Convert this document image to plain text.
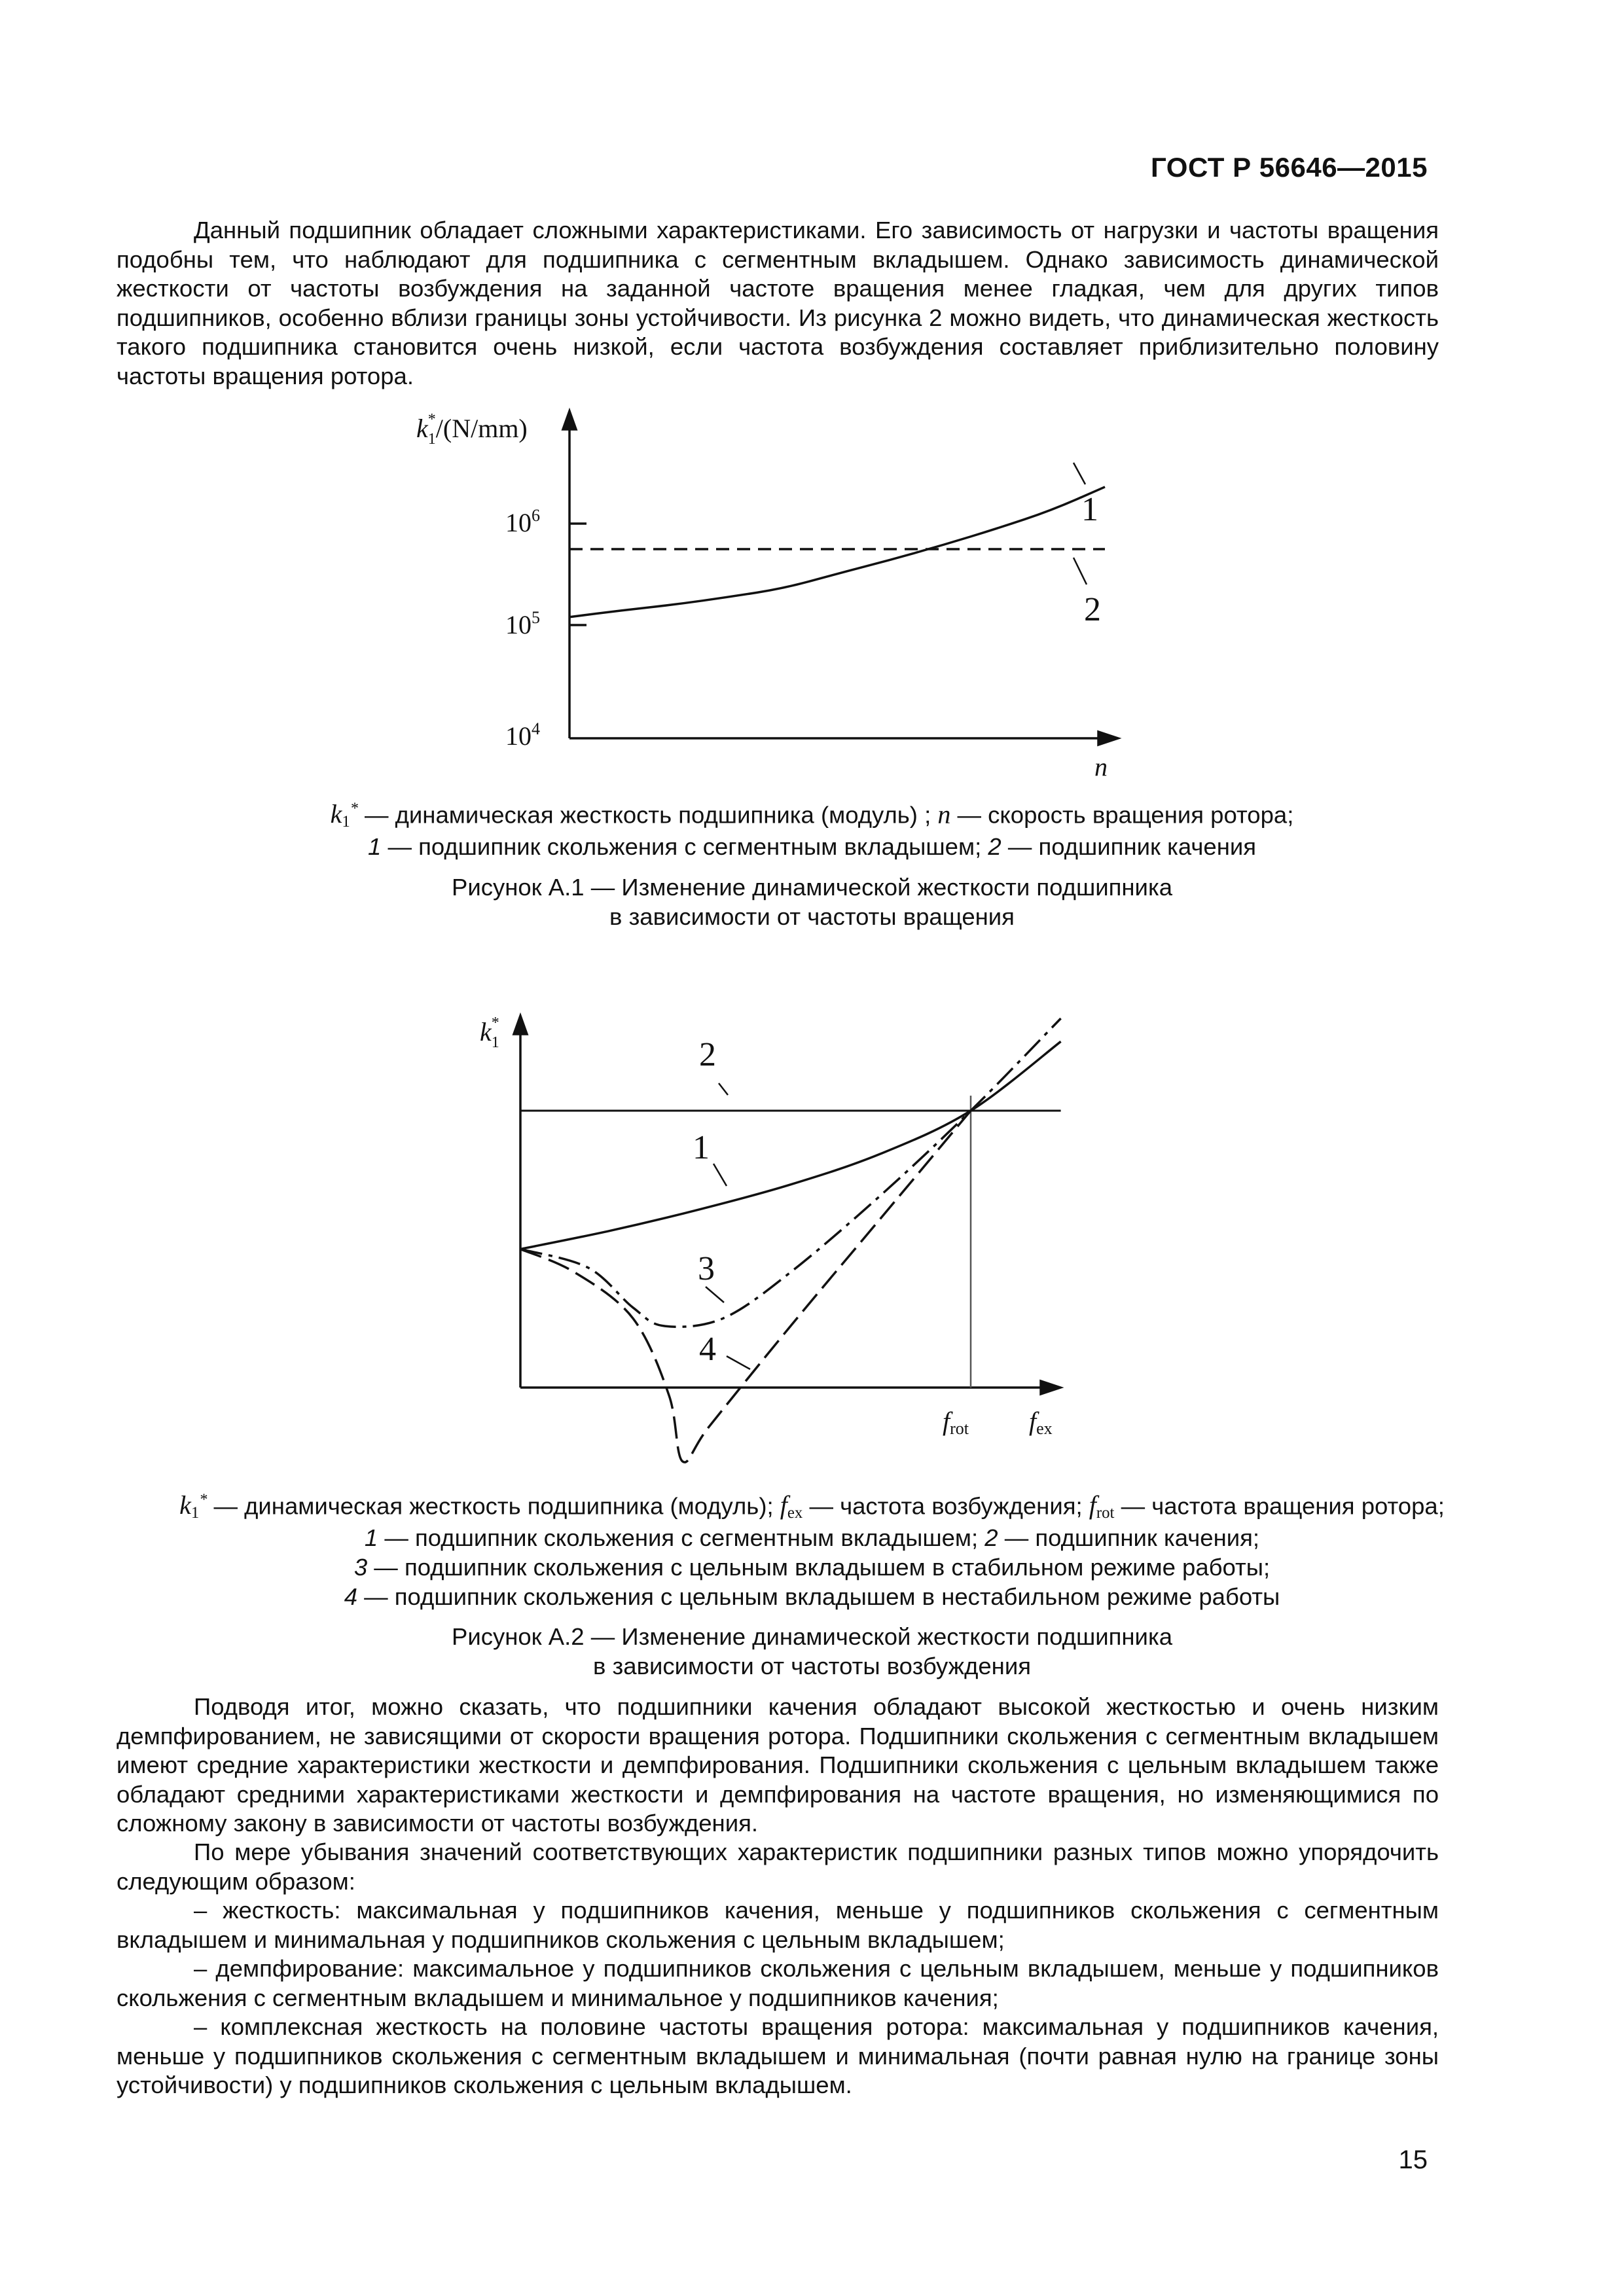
ГОСТ Р 56646—2015

Данный подшипник обладает сложными характеристиками. Его зависимость от нагрузки и частоты вращения подобны тем, что наблюдают для подшипника с сегментным вкладышем. Однако зависимость динамической жесткости от частоты возбуждения на заданной частоте вращения менее гладкая, чем для других типов подшипников, особенно вблизи границы зоны устойчивости. Из рисунка 2 можно видеть, что динамическая жесткость такого подшипника становится очень низкой, если частота возбуждения составляет приблизительно половину частоты вращения ротора.

$k_1*/(N/mm)$
$10^6$
$10^5$
$10^4$
n
1
2

$k_1^*$ — динамическая жесткость подшипника (модуль) ; n — скорость вращения ротора;

1 — подшипник скольжения с сегментным вкладышем; 2 — подшипник качения

Рисунок А.1 — Изменение динамической жесткости подшипника

в зависимости от частоты вращения

$k_1*$
2
1
3
4
frot fex

$k_1^*$ — динамическая жесткость подшипника (модуль); $f_{ex}$ — частота возбуждения; $f_{rot}$ — частота вращения ротора;

1 — подшипник скольжения с сегментным вкладышем; 2 — подшипник качения;

3 — подшипник скольжения с цельным вкладышем в стабильном режиме работы;

4 — подшипник скольжения с цельным вкладышем в нестабильном режиме работы

Рисунок А.2 — Изменение динамической жесткости подшипника

в зависимости от частоты возбуждения

Подводя итог, можно сказать, что подшипники качения обладают высокой жесткостью и очень низким демпфированием, не зависящими от скорости вращения ротора. Подшипники скольжения с сегментным вкладышем имеют средние характеристики жесткости и демпфирования. Подшипники скольжения с цельным вкладышем также обладают средними характеристиками жесткости и демпфирования на частоте вращения, но изменяющимися по сложному закону в зависимости от частоты возбуждения.

По мере убывания значений соответствующих характеристик подшипники разных типов можно упорядочить следующим образом:

– жесткость: максимальная у подшипников качения, меньше у подшипников скольжения с сегментным вкладышем и минимальная у подшипников скольжения с цельным вкладышем;

– демпфирование: максимальное у подшипников скольжения с цельным вкладышем, меньше у подшипников скольжения с сегментным вкладышем и минимальное у подшипников качения;

– комплексная жесткость на половине частоты вращения ротора: максимальная у подшипников качения, меньше у подшипников скольжения с сегментным вкладышем и минимальная (почти равная нулю на границе зоны устойчивости) у подшипников скольжения с цельным вкладышем.

15
